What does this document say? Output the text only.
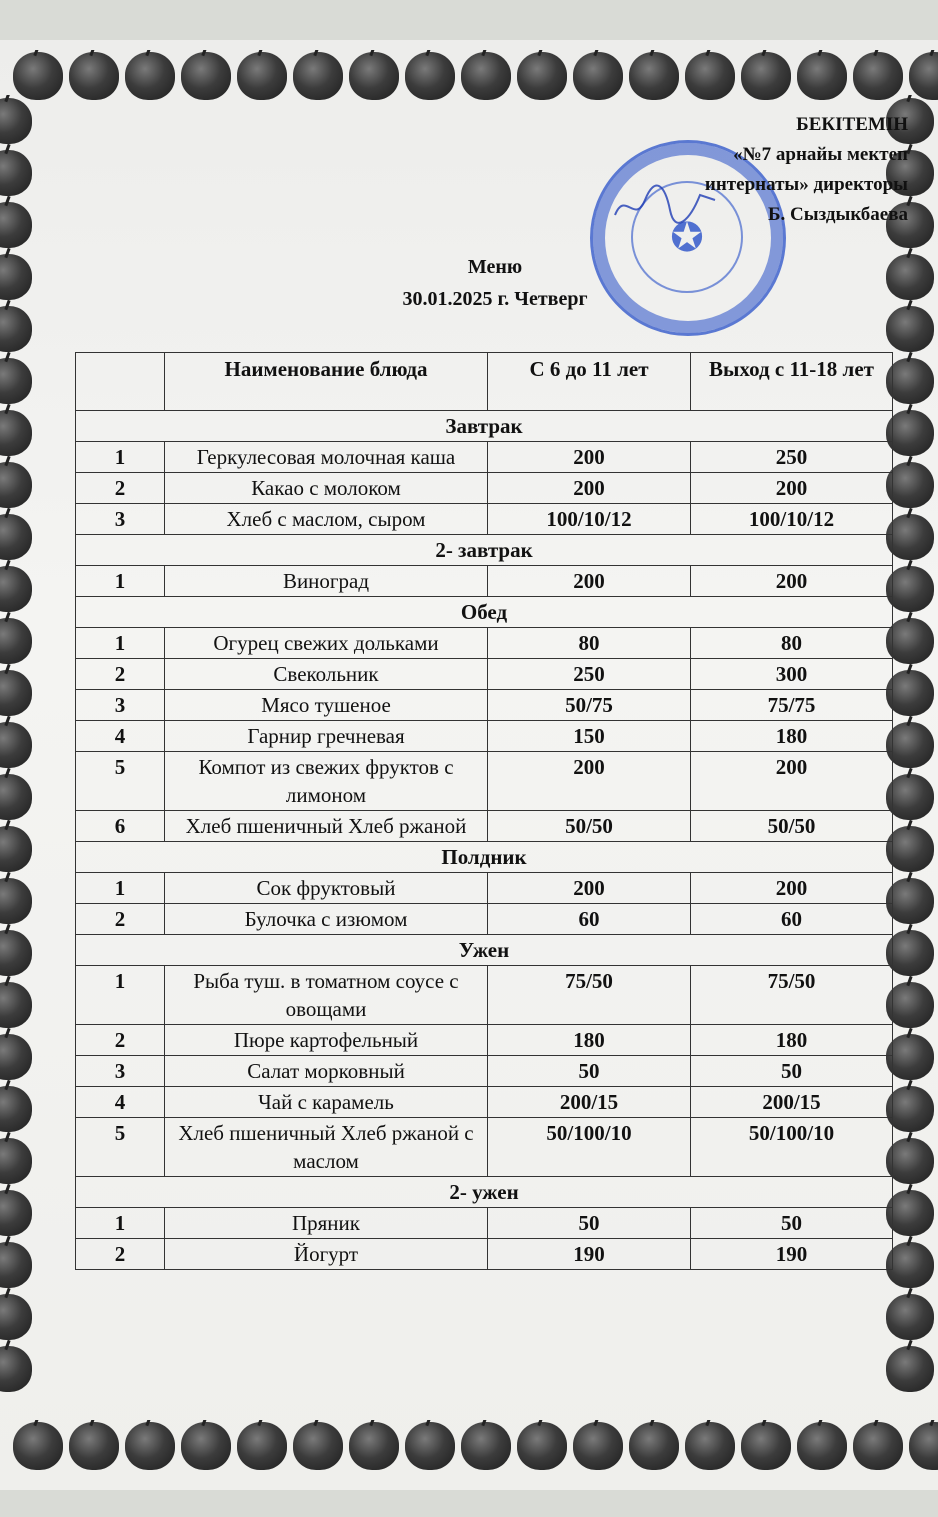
✪
БЕКІТЕМІН
«№7 арнайы мектеп
интернаты» директоры
Б. Сыздыкбаева
Меню
30.01.2025 г. Четверг
	Наименование блюда	С 6 до 11 лет	Выход с 11-18 лет
Завтрак			
1	Геркулесовая молочная каша	200	250
2	Какао с молоком	200	200
3	Хлеб с маслом, сыром	100/10/12	100/10/12
2- завтрак			
1	Виноград	200	200
Обед			
1	Огурец свежих дольками	80	80
2	Свекольник	250	300
3	Мясо тушеное	50/75	75/75
4	Гарнир гречневая	150	180
5	Компот из свежих фруктов с лимоном	200	200
6	Хлеб пшеничный Хлеб ржаной	50/50	50/50
Полдник			
1	Сок фруктовый	200	200
2	Булочка с изюмом	60	60
Ужен			
1	Рыба туш. в томатном соусе с овощами	75/50	75/50
2	Пюре картофельный	180	180
3	Салат морковный	50	50
4	Чай с карамель	200/15	200/15
5	Хлеб пшеничный Хлеб ржаной с маслом	50/100/10	50/100/10
2- ужен			
1	Пряник	50	50
2	Йогурт	190	190
